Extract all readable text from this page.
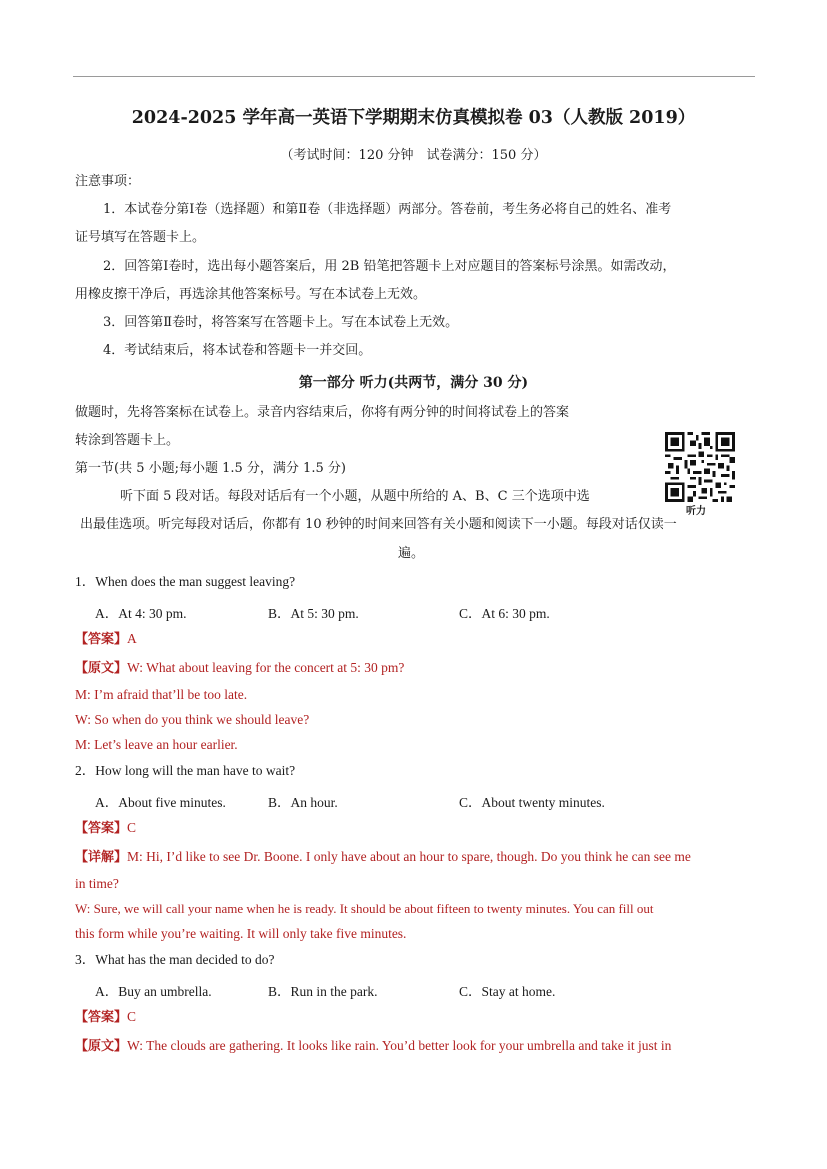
2024-2025 学年高一英语下学期期末仿真模拟卷 03（人教版 2019）
（考试时间：120 分钟　试卷满分：150 分）
注意事项：
1．本试卷分第Ⅰ卷（选择题）和第Ⅱ卷（非选择题）两部分。答卷前，考生务必将自己的姓名、准考
证号填写在答题卡上。
2．回答第Ⅰ卷时，选出每小题答案后，用 2B 铅笔把答题卡上对应题目的答案标号涂黑。如需改动，
用橡皮擦干净后，再选涂其他答案标号。写在本试卷上无效。
3．回答第Ⅱ卷时，将答案写在答题卡上。写在本试卷上无效。
4．考试结束后，将本试卷和答题卡一并交回。
第一部分 听力(共两节，满分 30 分)
做题时，先将答案标在试卷上。录音内容结束后，你将有两分钟的时间将试卷上的答案
转涂到答题卡上。
第一节(共 5 小题;每小题 1.5 分，满分 1.5 分)
听下面 5 段对话。每段对话后有一个小题，从题中所给的 A、B、C 三个选项中选
出最佳选项。听完每段对话后，你都有 10 秒钟的时间来回答有关小题和阅读下一小题。每段对话仅读一
遍。
听力
1．When does the man suggest leaving?
A．At 4: 30 pm.	B．At 5: 30 pm.	C．At 6: 30 pm.
【答案】A
【原文】W: What about leaving for the concert at 5: 30 pm?
M: I’m afraid that’ll be too late.
W: So when do you think we should leave?
M: Let’s leave an hour earlier.
2．How long will the man have to wait?
A．About five minutes.	B．An hour.	C．About twenty minutes.
【答案】C
【详解】M: Hi, I’d like to see Dr. Boone. I only have about an hour to spare, though. Do you think he can see me
in time?
W: Sure, we will call your name when he is ready. It should be about fifteen to twenty minutes. You can fill out
this form while you’re waiting. It will only take five minutes.
3．What has the man decided to do?
A．Buy an umbrella.	B．Run in the park.	C．Stay at home.
【答案】C
【原文】W: The clouds are gathering. It looks like rain. You’d better look for your umbrella and take it just in
